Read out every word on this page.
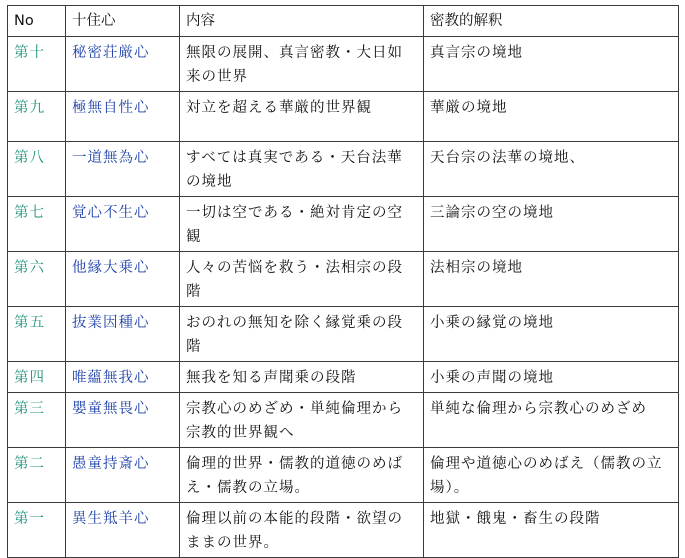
No	十住心	内容	密教的解釈
第十	秘密荘厳心	無限の展開、真言密教・大日如来の世界	真言宗の境地
第九	極無自性心	対立を超える華厳的世界観	華厳の境地
第八	一道無為心	すべては真実である・天台法華の境地	天台宗の法華の境地、
第七	覚心不生心	一切は空である・絶対肯定の空観	三論宗の空の境地
第六	他縁大乗心	人々の苦悩を救う・法相宗の段階	法相宗の境地
第五	抜業因種心	おのれの無知を除く縁覚乗の段階	小乗の縁覚の境地
第四	唯蘊無我心	無我を知る声聞乗の段階	小乗の声聞の境地
第三	嬰童無畏心	宗教心のめざめ・単純倫理から宗教的世界観へ	単純な倫理から宗教心のめざめ
第二	愚童持斎心	倫理的世界・儒教的道徳のめばえ・儒教の立場。	倫理や道徳心のめばえ（儒教の立場）。
第一	異生羝羊心	倫理以前の本能的段階・欲望のままの世界。	地獄・餓鬼・畜生の段階
